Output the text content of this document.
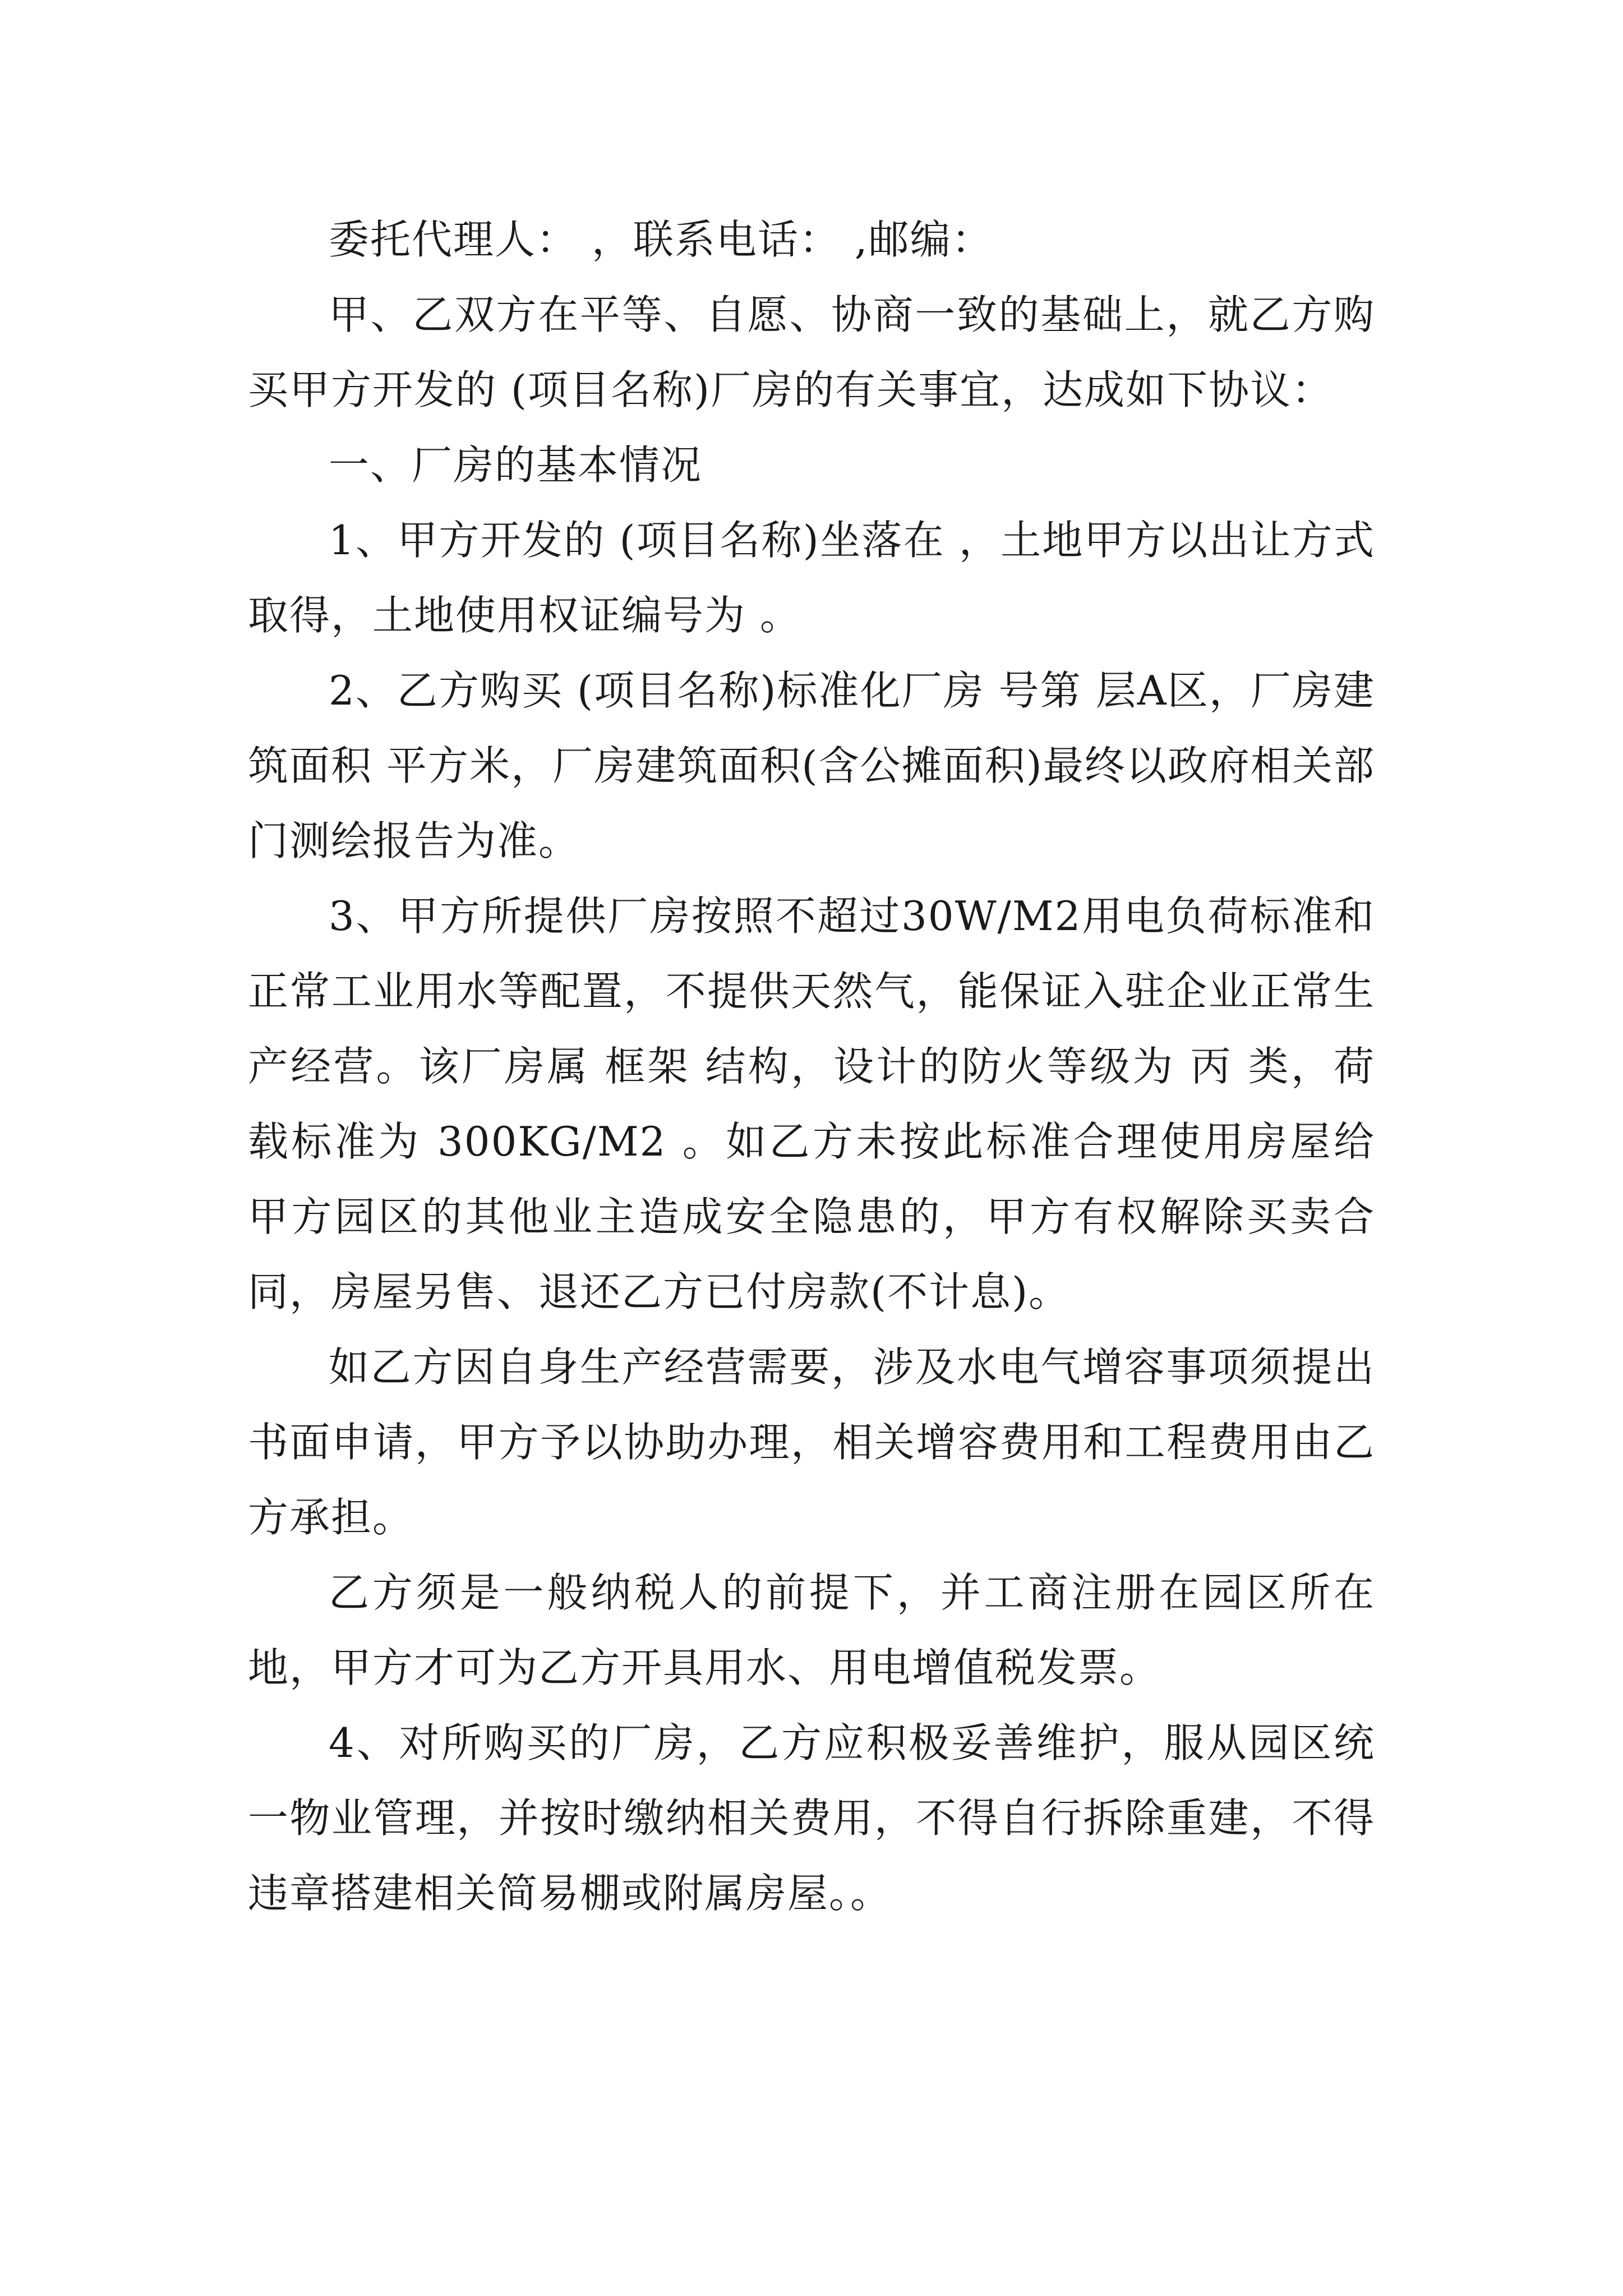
委托代理人： ，联系电话： ,邮编：

甲、乙双方在平等、自愿、协商一致的基础上，就乙方购买甲方开发的 (项目名称)厂房的有关事宜，达成如下协议：

一、厂房的基本情况

1、甲方开发的 (项目名称)坐落在 ，土地甲方以出让方式取得，土地使用权证编号为 。

2、乙方购买 (项目名称)标准化厂房 号第 层A区，厂房建筑面积 平方米，厂房建筑面积(含公摊面积)最终以政府相关部门测绘报告为准。

3、甲方所提供厂房按照不超过30W/M2用电负荷标准和正常工业用水等配置，不提供天然气，能保证入驻企业正常生产经营。该厂房属 框架 结构，设计的防火等级为 丙 类，荷载标准为 300KG/M2 。如乙方未按此标准合理使用房屋给甲方园区的其他业主造成安全隐患的，甲方有权解除买卖合同，房屋另售、退还乙方已付房款(不计息)。

如乙方因自身生产经营需要，涉及水电气增容事项须提出书面申请，甲方予以协助办理，相关增容费用和工程费用由乙方承担。

乙方须是一般纳税人的前提下，并工商注册在园区所在地，甲方才可为乙方开具用水、用电增值税发票。

4、对所购买的厂房，乙方应积极妥善维护，服从园区统一物业管理，并按时缴纳相关费用，不得自行拆除重建，不得违章搭建相关简易棚或附属房屋。。
